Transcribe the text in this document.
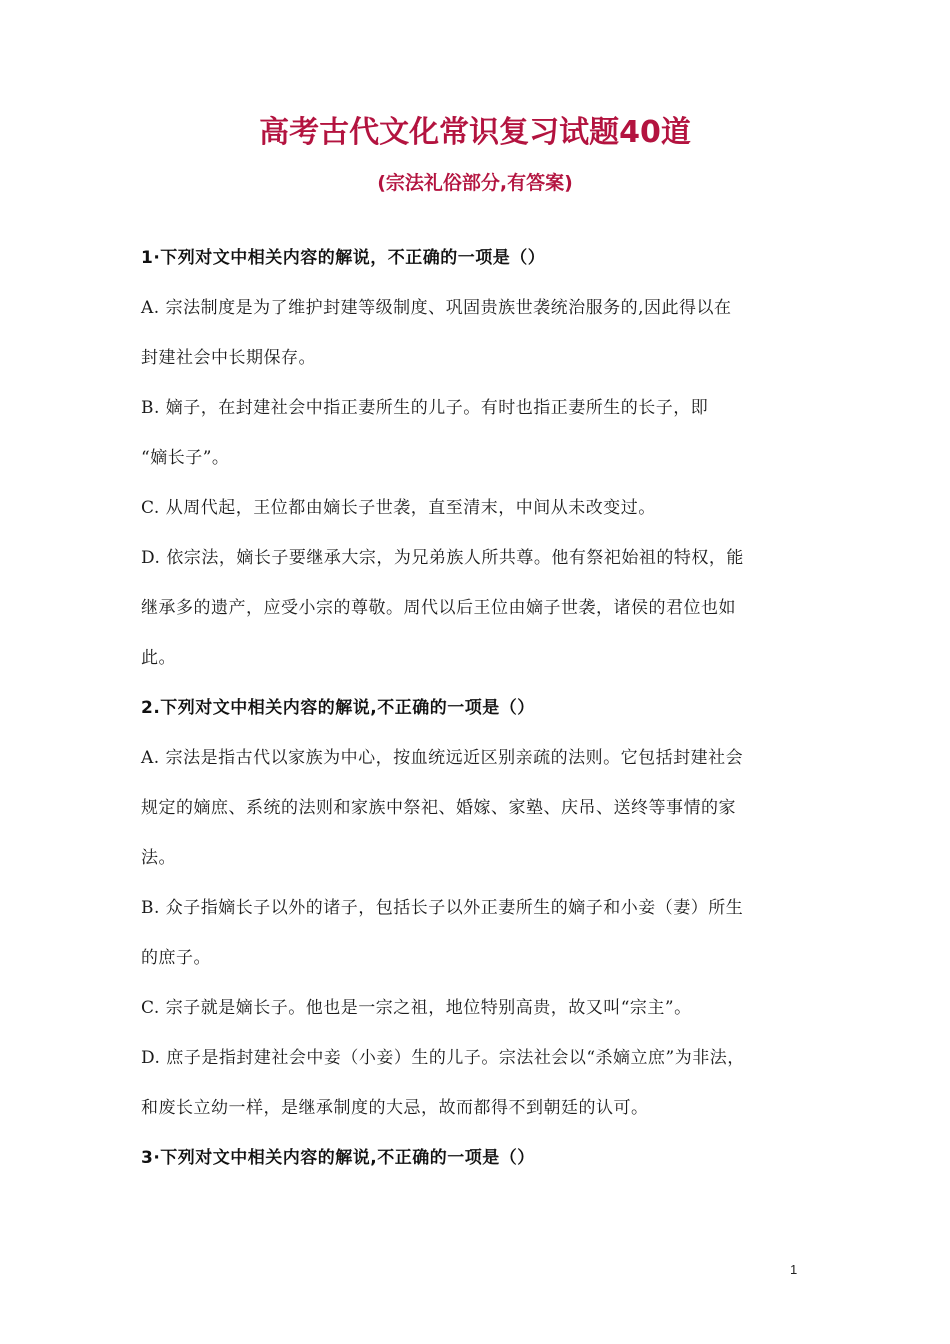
高考古代文化常识复习试题40道
(宗法礼俗部分,有答案)
1·下列对文中相关内容的解说，不正确的一项是（）
A. 宗法制度是为了维护封建等级制度、巩固贵族世袭统治服务的,因此得以在
封建社会中长期保存。
B. 嫡子，在封建社会中指正妻所生的儿子。有时也指正妻所生的长子，即
“嫡长子”。
C. 从周代起，王位都由嫡长子世袭，直至清末，中间从未改变过。
D. 依宗法，嫡长子要继承大宗，为兄弟族人所共尊。他有祭祀始祖的特权，能
继承多的遗产，应受小宗的尊敬。周代以后王位由嫡子世袭，诸侯的君位也如
此。
2.下列对文中相关内容的解说,不正确的一项是（）
A. 宗法是指古代以家族为中心，按血统远近区别亲疏的法则。它包括封建社会
规定的嫡庶、系统的法则和家族中祭祀、婚嫁、家塾、庆吊、送终等事情的家
法。
B. 众子指嫡长子以外的诸子，包括长子以外正妻所生的嫡子和小妾（妻）所生
的庶子。
C. 宗子就是嫡长子。他也是一宗之祖，地位特别高贵，故又叫“宗主”。
D. 庶子是指封建社会中妾（小妾）生的儿子。宗法社会以“杀嫡立庶”为非法，
和废长立幼一样，是继承制度的大忌，故而都得不到朝廷的认可。
3·下列对文中相关内容的解说,不正确的一项是（）
1
